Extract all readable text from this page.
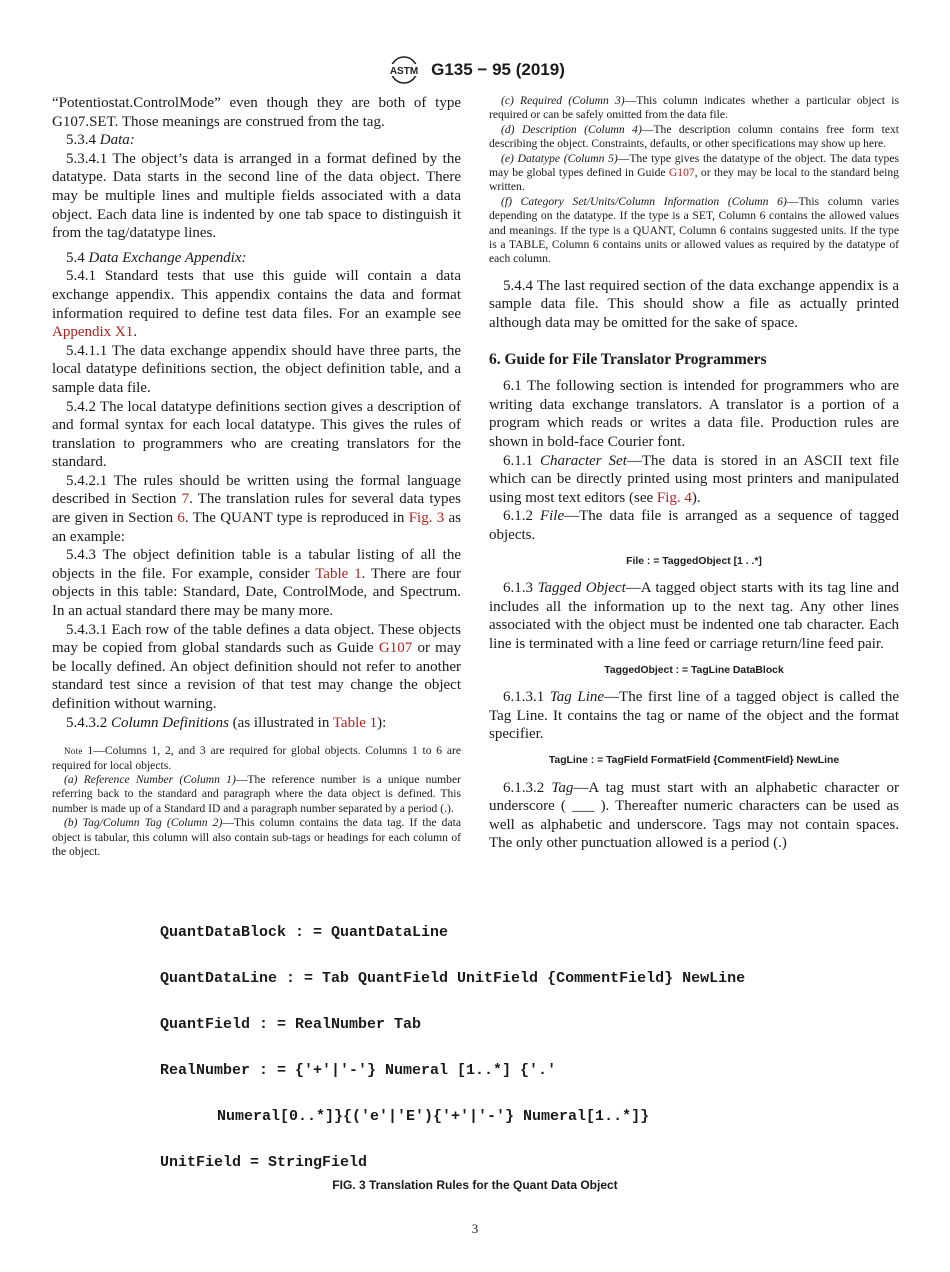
ASTM G135 − 95 (2019)

“Potentiostat.ControlMode” even though they are both of type G107.SET. Those meanings are construed from the tag.

5.3.4 Data:

5.3.4.1 The object’s data is arranged in a format defined by the datatype. Data starts in the second line of the data object. There may be multiple lines and multiple fields associated with a data object. Each data line is indented by one tab space to distinguish it from the tag/datatype lines.

5.4 Data Exchange Appendix:

5.4.1 Standard tests that use this guide will contain a data exchange appendix. This appendix contains the data and format information required to define test data files. For an example see Appendix X1.

5.4.1.1 The data exchange appendix should have three parts, the local datatype definitions section, the object definition table, and a sample data file.

5.4.2 The local datatype definitions section gives a description of and formal syntax for each local datatype. This gives the rules of translation to programmers who are creating translators for the standard.

5.4.2.1 The rules should be written using the formal language described in Section 7. The translation rules for several data types are given in Section 6. The QUANT type is reproduced in Fig. 3 as an example:

5.4.3 The object definition table is a tabular listing of all the objects in the file. For example, consider Table 1. There are four objects in this table: Standard, Date, ControlMode, and Spectrum. In an actual standard there may be many more.

5.4.3.1 Each row of the table defines a data object. These objects may be copied from global standards such as Guide G107 or may be locally defined. An object definition should not refer to another standard test since a revision of that test may change the object definition without warning.

5.4.3.2 Column Definitions (as illustrated in Table 1):

Note 1—Columns 1, 2, and 3 are required for global objects. Columns 1 to 6 are required for local objects.

(a) Reference Number (Column 1)—The reference number is a unique number referring back to the standard and paragraph where the data object is defined. This number is made up of a Standard ID and a paragraph number separated by a period (.).

(b) Tag/Column Tag (Column 2)—This column contains the data tag. If the data object is tabular, this column will also contain sub-tags or headings for each column of the object.

(c) Required (Column 3)—This column indicates whether a particular object is required or can be safely omitted from the data file.

(d) Description (Column 4)—The description column contains free form text describing the object. Constraints, defaults, or other specifications may show up here.

(e) Datatype (Column 5)—The type gives the datatype of the object. The data types may be global types defined in Guide G107, or they may be local to the standard being written.

(f) Category Set/Units/Column Information (Column 6)—This column varies depending on the datatype. If the type is a SET, Column 6 contains the allowed values and meanings. If the type is a QUANT, Column 6 contains suggested units. If the type is a TABLE, Column 6 contains units or allowed values as required by the datatype of each column.

5.4.4 The last required section of the data exchange appendix is a sample data file. This should show a file as actually printed although data may be omitted for the sake of space.

6. Guide for File Translator Programmers

6.1 The following section is intended for programmers who are writing data exchange translators. A translator is a portion of a program which reads or writes a data file. Production rules are shown in bold-face Courier font.

6.1.1 Character Set—The data is stored in an ASCII text file which can be directly printed using most printers and manipulated using most text editors (see Fig. 4).

6.1.2 File—The data file is arranged as a sequence of tagged objects.

File : = TaggedObject [1 . .*]

6.1.3 Tagged Object—A tagged object starts with its tag line and includes all the information up to the next tag. Any other lines associated with the object must be indented one tab character. Each line is terminated with a line feed or carriage return/line feed pair.

TaggedObject : = TagLine DataBlock

6.1.3.1 Tag Line—The first line of a tagged object is called the Tag Line. It contains the tag or name of the object and the format specifier.

TagLine : = TagField FormatField {CommentField} NewLine

6.1.3.2 Tag—A tag must start with an alphabetic character or underscore ( ___ ). Thereafter numeric characters can be used as well as alphabetic and underscore. Tags may not contain spaces. The only other punctuation allowed is a period (.)

QuantDataBlock : = QuantDataLine
QuantDataLine : = Tab QuantField UnitField {CommentField} NewLine
QuantField : = RealNumber Tab
RealNumber : = {'+'|'-'} Numeral [1..*] {'.'
Numeral[0..*]}{('e'|'E'){'+'|'-'} Numeral[1..*]}
UnitField = StringField
FIG. 3 Translation Rules for the Quant Data Object
3
